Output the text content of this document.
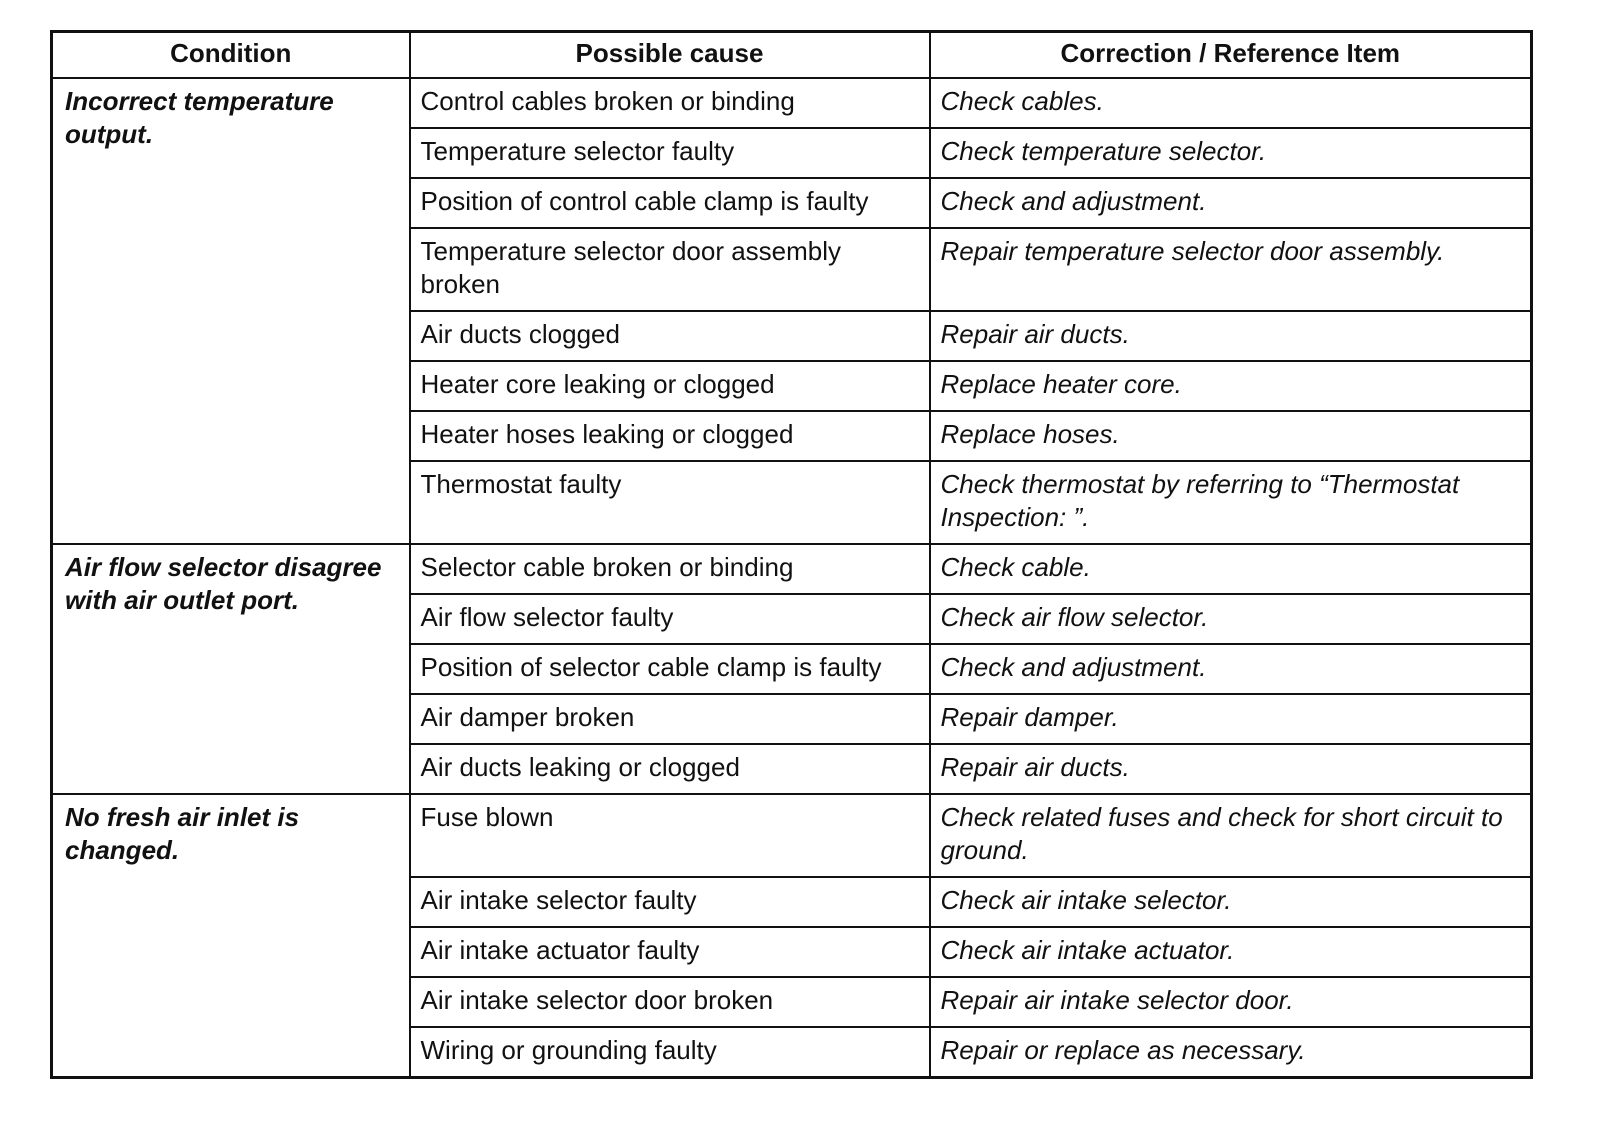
Condition	Possible cause	Correction / Reference Item
Incorrect temperature output.	Control cables broken or binding	Check cables.
	Temperature selector faulty	Check temperature selector.
	Position of control cable clamp is faulty	Check and adjustment.
	Temperature selector door assembly broken	Repair temperature selector door assembly.
	Air ducts clogged	Repair air ducts.
	Heater core leaking or clogged	Replace heater core.
	Heater hoses leaking or clogged	Replace hoses.
	Thermostat faulty	Check thermostat by referring to “Thermostat Inspection: ”.
Air flow selector disagree with air outlet port.	Selector cable broken or binding	Check cable.
	Air flow selector faulty	Check air flow selector.
	Position of selector cable clamp is faulty	Check and adjustment.
	Air damper broken	Repair damper.
	Air ducts leaking or clogged	Repair air ducts.
No fresh air inlet is changed.	Fuse blown	Check related fuses and check for short circuit to ground.
	Air intake selector faulty	Check air intake selector.
	Air intake actuator faulty	Check air intake actuator.
	Air intake selector door broken	Repair air intake selector door.
	Wiring or grounding faulty	Repair or replace as necessary.
